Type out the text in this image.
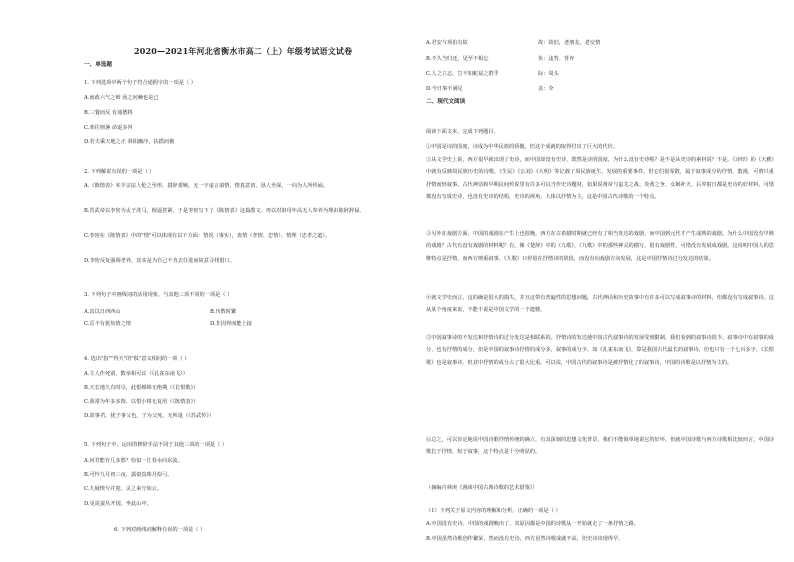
2020—2021年河北省衡水市高二（上）年级考试语文试卷
一、单选题
1. 下列选项中两个句子符合通假字的一项是（ ）
A.而政六气之辩 汤之问棘也是已
B.三餐而反 有通德将
C.寒往则暑 命退多舛
D.若夫乘天地之正 斜阳幽冷，扶摇而被
2. 下列解说有误的一项是（ ）
A.《陈情表》本手宗法人伦之至形，措辞委婉，无一字虚言溢情，情真意切，恳人至深，一向为人所传诵。
B.晋武帝以李密为太子冼马，催逼甚紧，于是李密写下了《陈情表》这篇散文，再以对祖母年高无人奉养为理由陈辞辞禄。
C.李密在《陈情表》中的"情"可以体现在以下方面：情况（事实），衷情（孝情、忠情），情理（忠孝之道）。
D.李密反复强调孝养，其实是为自己不肯去任进而故意寻找借口。
3. 下列句子中画线词的活用现象，与其他三项不同的一项是（ ）
A.其以日西西山	B.历数时繁
C.岳不有犹负情之情	D.非因得而能上接
4. 选出"指""得天"的"俱"意义相同的一项（ ）
A.主人作死别，数举相可议（《孔雀东南飞》）
B.天长地久有时尽，此恨绵绵无绝期（《长恨歌》）
C.我常为年多多饰，以惜小将无复用（《陈情表》）
D.故事君，犹子事父也，子为父死，无所退（《苏武传》）
5. 下列句子中，运用的修辞手法不同于其他三项的一项是（ ）
A.问君能有几多愁？恰似一江春水向东流。
B.可怜九月初三夜，露似真珠月似弓。
C.九疑缤兮并迎，灵之来兮如云。
D.见说蚕丛开国，坐此山中。
6. 下列对画线词解释有误的一项是（ ）
A.君安与项伯有故	故：故旧，老朋友、老交情
B.不久当归还，见至不相忘	负：违背、背弃
C.人之立志，岂不如蛇鼠之群乎	际：周头
D.今日事不满足	盖：伞
二、现代文阅读
阅读下面文本，完成下列题目。
①中国是诗的国度，诗成为中华民族的骄傲，但这个成就的取得付出了巨大的代价。
②从文学史上说，西方很早就出现了史诗，而中国却没有史诗，既然是诗的国度，为什么没有史诗呢？是不是从史诗的素材说？不是。《诗经》的《大雅》中就有反映周民族历史的诗歌，《生民》《公刘》《大明》等记载了周民族诞生、发展的重要事件。但它们很零散，属于叙事成分的抒情，散漫，可谓只重抒情而轻叙事。古代神话和早期民间传说里有许多可以当作史诗题材，如果说黄帝与蚩尤之战、炎黄之争、女娲补天、后羿射日都是史诗的好材料，可惜都没有写成史诗，也没有史诗的结构，史诗的视角，大体以抒情为主，这是中国古代诗歌的一个特点。
③另外在戏剧方面，中国的戏剧在产生上也很晚。西方在古希腊时期就已经有了相当发达的戏剧，而中国到元代才产生成熟的戏剧。为什么中国没有早熟的戏剧？古代有没有戏剧的材料呢？有，像《楚辞》中的《九歌》，《九歌》中的那些神灵的描写，很有戏剧性，可惜没有发展成戏剧。这说明中国人的思维特点是抒情，而西方则重叙事。《九歌》只停留在抒情诗的阶段，而没有向戏剧方向发展，这是中国抒情诗过分发达的结果。
④就文学史而言，这的确是很大的损失，并且这带有普遍性的思想问题。古代神话和历史故事中有许多可以写成叙事诗的材料，但都没有写成叙事诗。这从某个角度来说，不能不说是中国文学的一个遗憾。
⑤中国叙事诗的不发达和抒情诗的过分发达是相联系的。抒情诗的发达使中国古代叙事诗的发展受到限制，我们看到的叙事诗很少。叙事诗中有叙事的成分，也有抒情的成分，但是中国的叙事诗抒情的成分多，叙事的成分少。如《孔雀东南飞》，算是我国古代最长的叙事诗，但也只有一千七百多字。《长恨歌》也是叙事诗，但其中抒情的成分占了很大比重。可以说，中国古代的叙事诗是被抒情化了的叙事诗，中国的诗歌是以抒情为主的。
⑥总之，可以肯定地说中国诗歌抒情传统的确立，有其深刻的思想文化背景，我们不能简单地说它的好坏。但就中国诗歌与西方诗歌相比较而言，中国诗歌长于抒情，短于叙事，这个特点是十分明显的。
（摘编自林庚《漫谈中国古典诗歌的艺术借鉴》）
（1）下列关于原文内容的理解和分析，正确的一项是（ ）
A.中国没有史诗，中国的戏剧晚出了，其原因都是中国的诗歌从一开始就走了一条抒情之路。
B.中国虽然诗歌创作繁荣，然而没有史诗，西方虽然诗歌成就不高，但史诗出现得早。
